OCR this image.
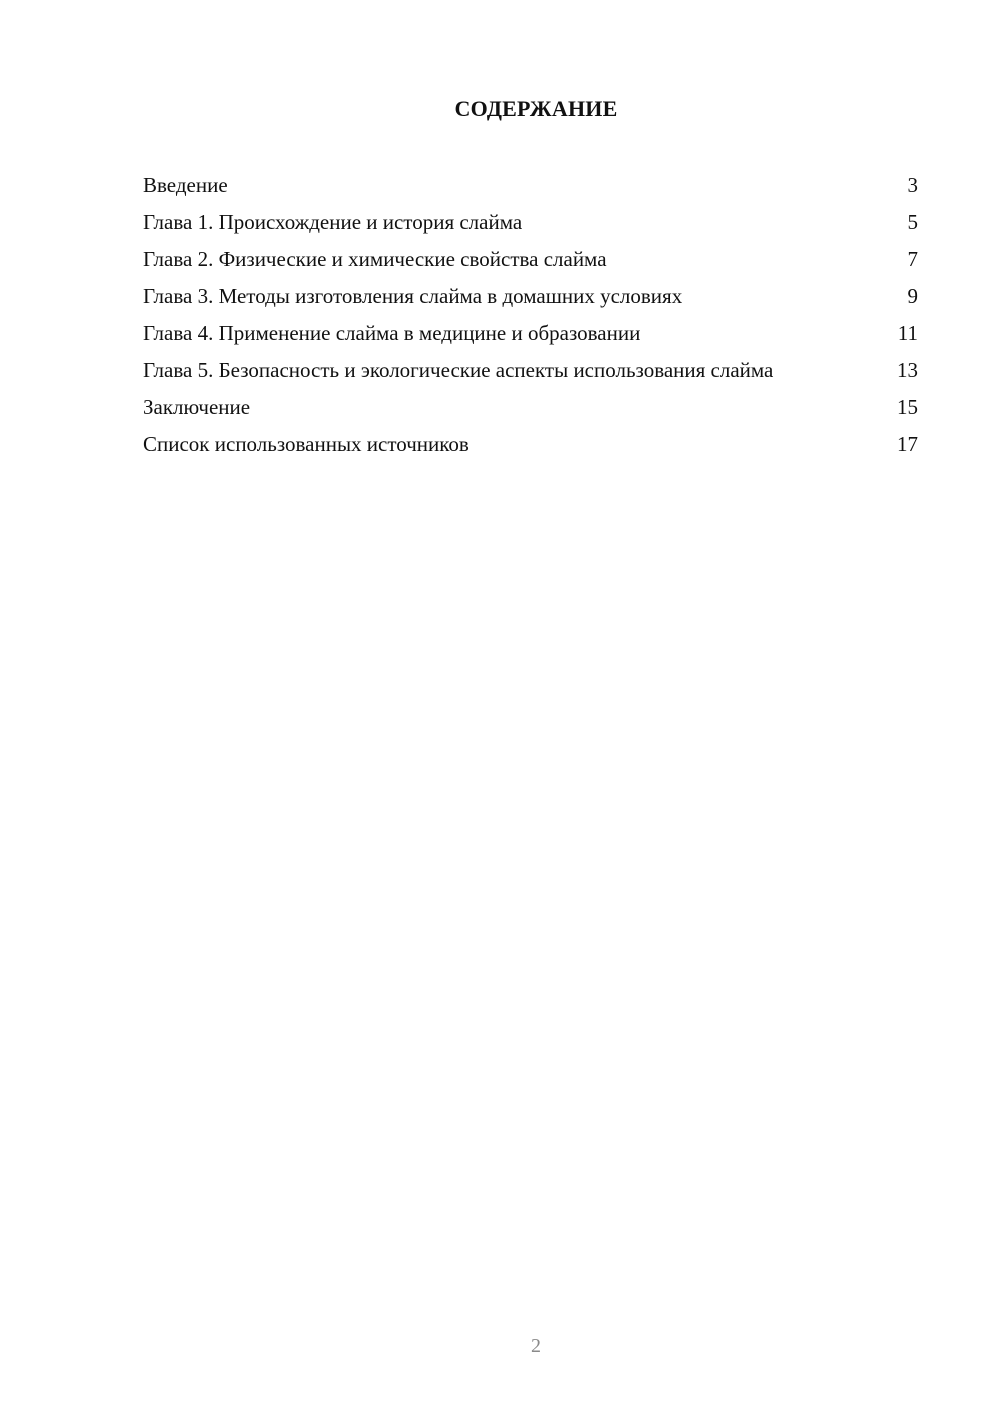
СОДЕРЖАНИЕ
Введение	3
Глава 1. Происхождение и история слайма	5
Глава 2. Физические и химические свойства слайма	7
Глава 3. Методы изготовления слайма в домашних условиях	9
Глава 4. Применение слайма в медицине и образовании	11
Глава 5. Безопасность и экологические аспекты использования слайма	13
Заключение	15
Список использованных источников	17
2
